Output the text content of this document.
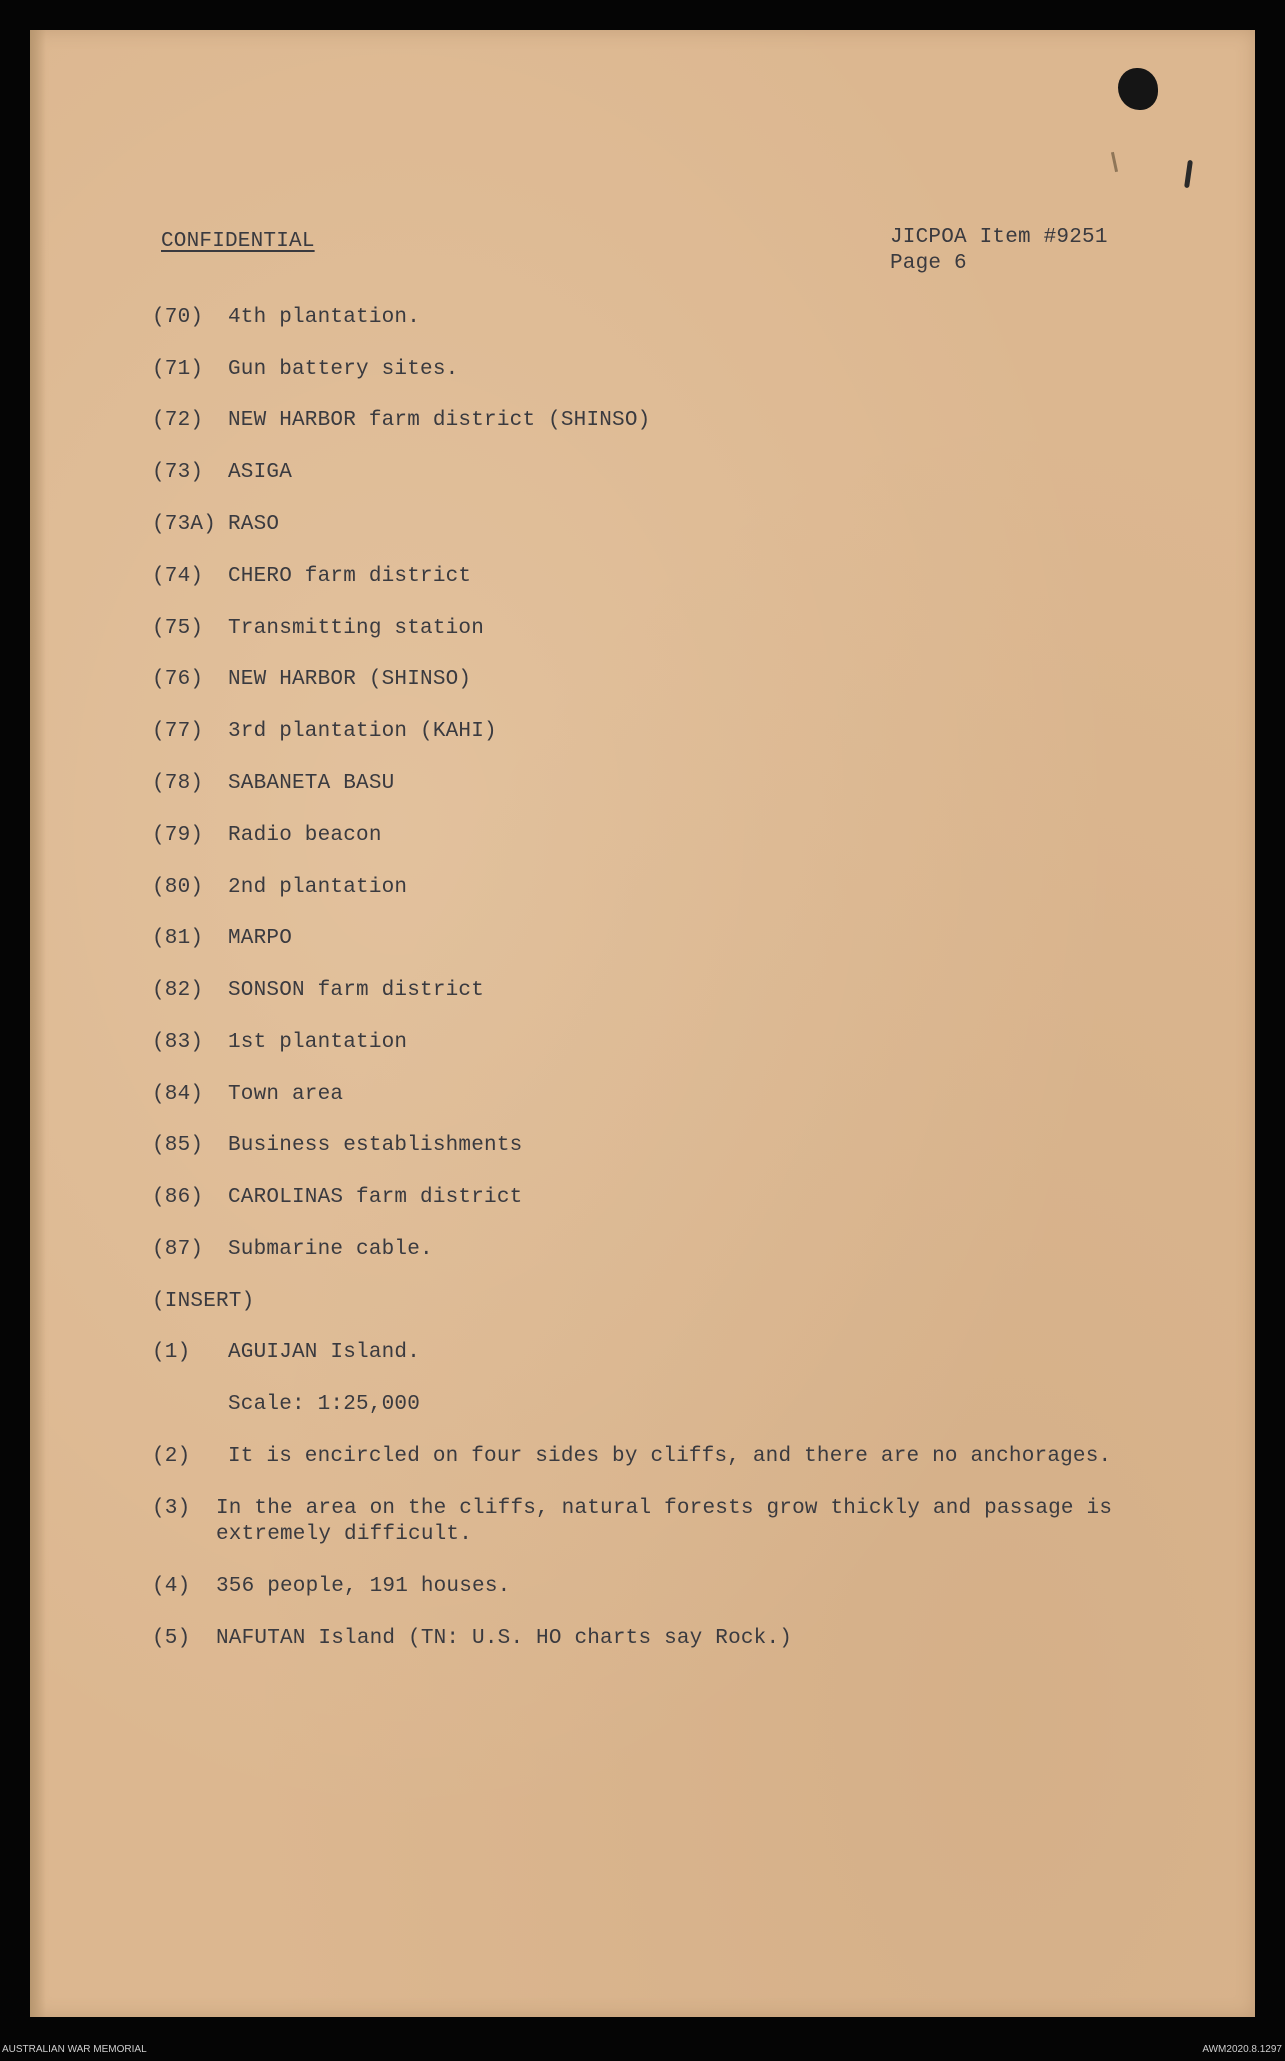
CONFIDENTIAL	JICPOA Item #9251
Page 6
(70) 4th plantation.
(71) Gun battery sites.
(72) NEW HARBOR farm district (SHINSO)
(73) ASIGA
(73A) RASO
(74) CHERO farm district
(75) Transmitting station
(76) NEW HARBOR (SHINSO)
(77) 3rd plantation (KAHI)
(78) SABANETA BASU
(79) Radio beacon
(80) 2nd plantation
(81) MARPO
(82) SONSON farm district
(83) 1st plantation
(84) Town area
(85) Business establishments
(86) CAROLINAS farm district
(87) Submarine cable.
(INSERT)
(1) AGUIJAN Island.
Scale: 1:25,000
(2) It is encircled on four sides by cliffs, and there are no anchorages.
(3) In the area on the cliffs, natural forests grow thickly and passage is
extremely difficult.
(4) 356 people, 191 houses.
(5) NAFUTAN Island (TN: U.S. HO charts say Rock.)
AUSTRALIAN WAR MEMORIAL	AWM2020.8.1297
